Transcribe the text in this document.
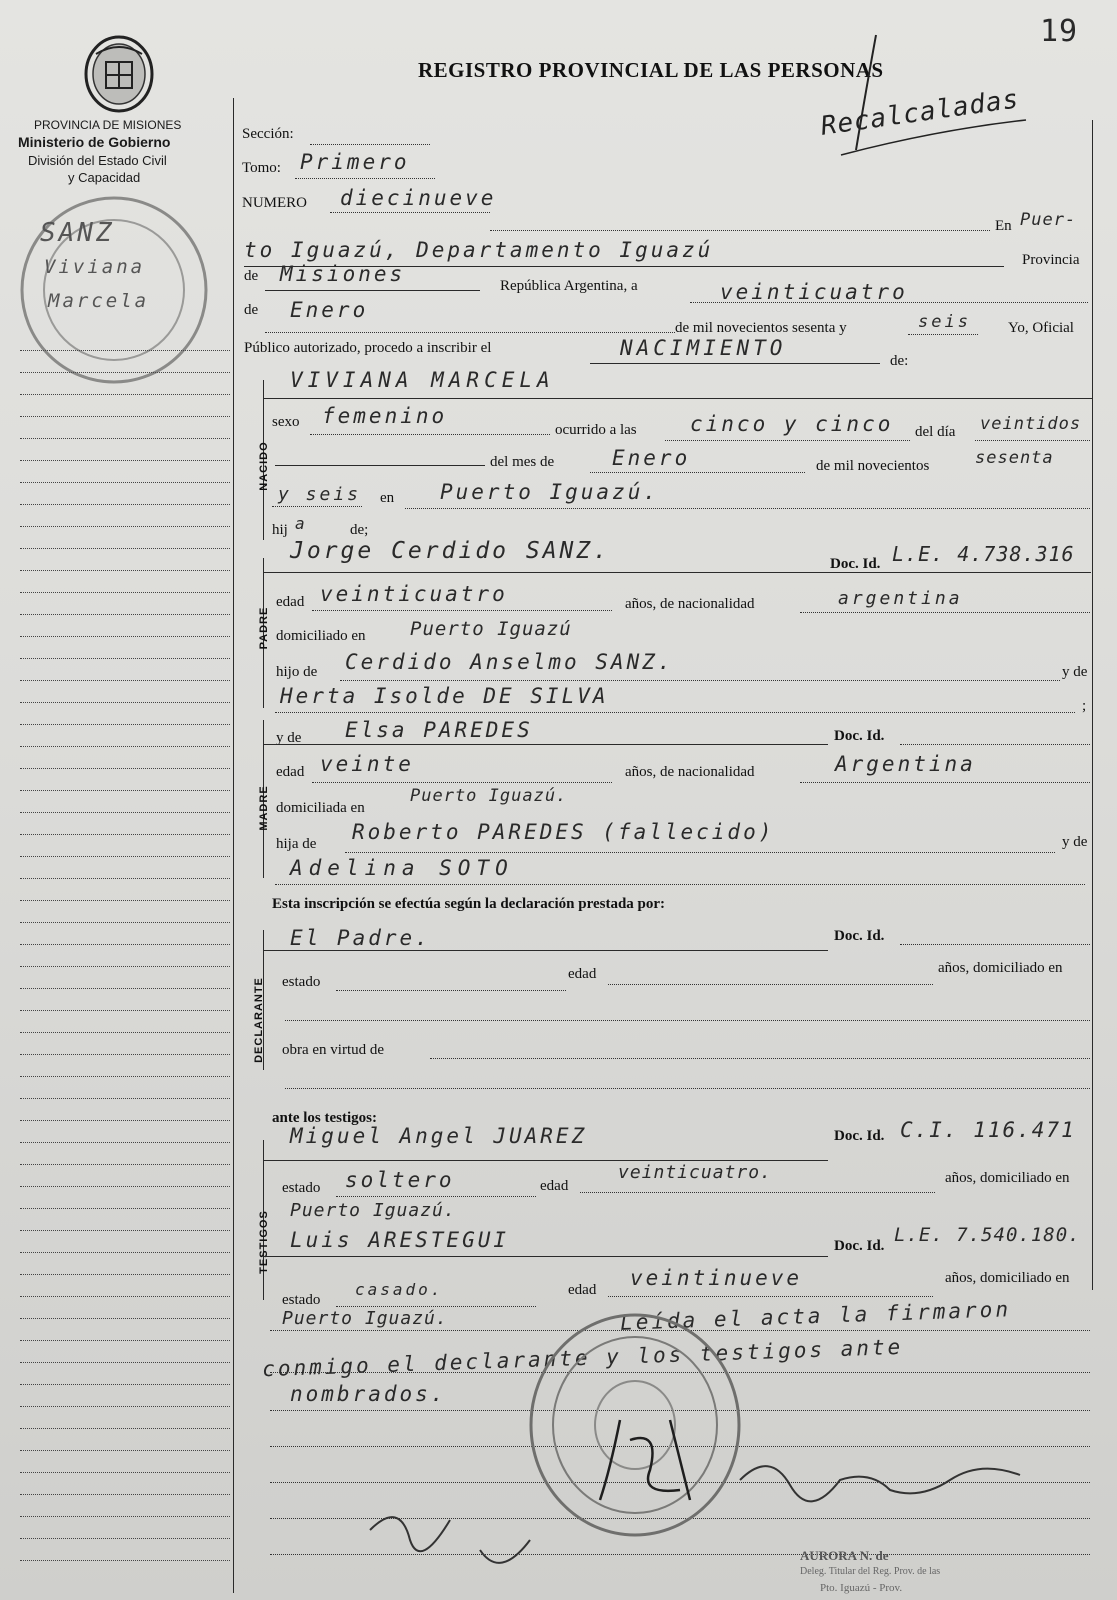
19
PROVINCIA DE MISIONES
Ministerio de Gobierno
División del Estado Civil
y Capacidad
SANZ
Viviana
Marcela
REGISTRO PROVINCIAL DE LAS PERSONAS
Recalcaladas
Sección:
Tomo: Primero
NUMERO diecinueve
En Puer-
to Iguazú, Departamento Iguazú	Provincia
de Misiones	República Argentina, a	veinticuatro
de Enero
de mil novecientos sesenta y	seis Yo, Oficial
Público autorizado, procedo a inscribir el	NACIMIENTO
de:
NACIDO
VIVIANA MARCELA
sexo femenino
ocurrido a las	cinco y cinco del día veintidos
del mes de	Enero	de mil novecientos	sesenta
y seis en Puerto Iguazú.
hij a	de;
PADRE
Jorge Cerdido SANZ.	Doc. Id. L.E. 4.738.316
edad veinticuatro	años, de nacionalidad	argentina
domiciliado en Puerto Iguazú
hijo de Cerdido Anselmo SANZ.	y de
Herta Isolde DE SILVA	;
MADRE
y de Elsa PAREDES	Doc. Id.
edad veinte	años, de nacionalidad	Argentina
domiciliada en
Puerto Iguazú.
hija de Roberto PAREDES (fallecido)	y de
Adelina SOTO
Esta inscripción se efectúa según la declaración prestada por:
DECLARANTE
El Padre.	Doc. Id.
estado	edad	años, domiciliado en
obra en virtud de
ante los testigos:
TESTIGOS
Miguel Angel JUAREZ	Doc. Id. C.I. 116.471
estado soltero	edad
veinticuatro.	años, domiciliado en
Puerto Iguazú.
Luis ARESTEGUI	Doc. Id. L.E. 7.540.180.
estado
casado.	edad veintinueve	años, domiciliado en
Puerto Iguazú.	Leída el acta la firmaron
conmigo el declarante y los testigos ante
nombrados.
AURORA N. de
Deleg. Titular del Reg. Prov. de las
Pto. Iguazú - Prov.
